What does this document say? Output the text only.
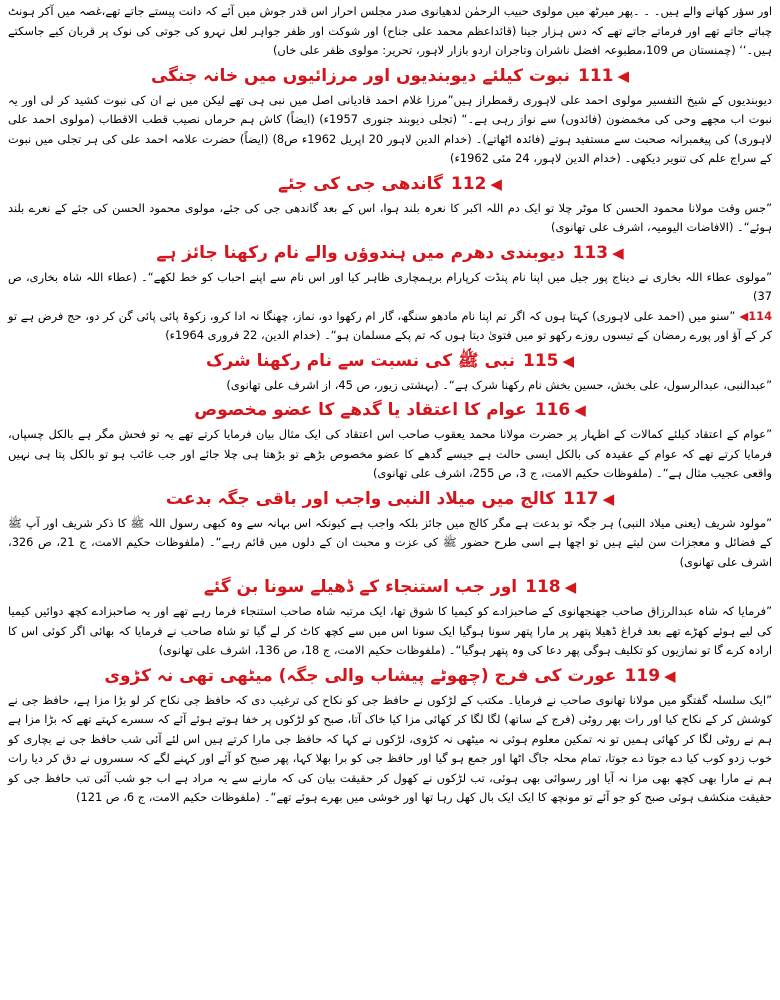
اور سؤر کھانے والے ہیں۔ ۔ ۔پھر میرٹھ میں مولوی حبیب الرحمٰن لدھیانوی صدر مجلس احرار اس قدر جوش میں آئے کہ دانت پیستے جاتے تھے،غصہ میں آکر ہونٹ چباتے جاتے تھے اور فرماتے جاتے تھے کہ دس ہزار جینا (قائداعظم محمد علی جناح) اور شوکت اور ظفر جواہر لعل نہرو کی جوتی کی نوک پر قربان کیے جاسکتے ہیں۔‘‘ (چمنستان ص 109،مطبوعہ افضل ناشران وتاجران اردو بازار لاہور، تحریر: مولوی ظفر علی خاں)

◀111نبوت کیلئے دیوبندیوں اور مرزائیوں میں خانہ جنگی

دیوبندیوں کے شیخ التفسیر مولوی احمد علی لاہوری رقمطراز ہیں”مرزا غلام احمد قادیانی اصل میں نبی ہی تھے لیکن میں نے ان کی نبوت کشید کر لی اور یہ نبوت اب مجھے وحی کی مخمضون (فائدوں) سے نواز رہی ہے۔“ (تجلی دیوبند جنوری 1957ء) (ایضاً) کاش ہم حرماں نصیب قطب الاقطاب (مولوی احمد علی لاہوری) کی پیغمبرانہ صحبت سے مستفید ہوتے (فائدہ اٹھاتے)۔ (خدام الدین لاہور 20 اپریل 1962ء ص8) (ایضاً) حضرت علامہ احمد علی کی ہر تجلی میں نبوت کے سراج علم کی تنویر دیکھی۔ (خدام الدین لاہور، 24 مئی 1962ء)

◀112گاندھی جی کی جئے

”جس وقت مولانا محمود الحسن کا موٹر چلا تو ایک دم اللہ اکبر کا نعرہ بلند ہوا، اس کے بعد گاندھی جی کی جئے، مولوی محمود الحسن کی جئے کے نعرے بلند ہوئے“۔ (الافاضات الیومیہ، اشرف علی تھانوی)

◀113دیوبندی دھرم میں ہندوؤں والے نام رکھنا جائز ہے

”مولوی عطاء اللہ بخاری نے دیناج پور جیل میں اپنا نام پنڈت کرپارام برہمچاری ظاہر کیا اور اس نام سے اپنے احباب کو خط لکھے“۔ (عطاء اللہ شاہ بخاری، ص 37)

114◀ ”سنو میں (احمد علی لاہوری) کہتا ہوں کہ اگر تم اپنا نام مادھو سنگھ، گار ام رکھوا دو، نماز، چھنگا نہ ادا کرو، زکوۃ پائی پائی گن کر دو، حج فرض ہے تو کر کے آؤ اور پورے رمضان کے تیسوں روزے رکھو تو میں فتویٰ دیتا ہوں کہ تم پکے مسلمان ہو“۔ (خدام الدین، 22 فروری 1964ء)

◀115نبی ﷺ کی نسبت سے نام رکھنا شرک

”عبدالنبی، عبدالرسول، علی بخش، حسین بخش نام رکھنا شرک ہے“۔ (بہشتی زیور، ص 45، از اشرف علی تھانوی)

◀116عوام کا اعتقاد یا گدھے کا عضو مخصوص

”عوام کے اعتقاد کیلئے کمالات کے اظہار پر حضرت مولانا محمد یعقوب صاحب اس اعتقاد کی ایک مثال بیان فرمایا کرتے تھے یہ تو فحش مگر ہے بالکل چسپاں، فرمایا کرتے تھے کہ عوام کے عقیدہ کی بالکل ایسی حالت ہے جیسے گدھے کا عضو مخصوص بڑھے تو بڑھتا ہی چلا جائے اور جب غائب ہو تو بالکل پتا ہی نہیں واقعی عجیب مثال ہے“۔ (ملفوظات حکیم الامت، ج 3، ص 255، اشرف علی تھانوی)

◀117کالج میں میلاد النبی واجب اور باقی جگہ بدعت

”مولود شریف (یعنی میلاد النبی) ہر جگہ تو بدعت ہے مگر کالج میں جائز بلکہ واجب ہے کیونکہ اس بہانہ سے وہ کبھی رسول اللہ ﷺ کا ذکر شریف اور آپ ﷺ کے فضائل و معجزات سن لیتے ہیں تو اچھا ہے اسی طرح حضور ﷺ کی عزت و محبت ان کے دلوں میں قائم رہے“۔ (ملفوظات حکیم الامت، ج 21، ص 326، اشرف علی تھانوی)

◀118اور جب استنجاء کے ڈھیلے سونا بن گئے

”فرمایا کہ شاہ عبدالرزاق صاحب جھنجھانوی کے صاحبزادے کو کیمیا کا شوق تھا، ایک مرتبہ شاہ صاحب استنجاء فرما رہے تھے اور یہ صاحبزادے کچھ دوائیں کیمیا کی لیے ہوئے کھڑے تھے بعد فراغ ڈھیلا پتھر پر مارا پتھر سونا ہوگیا ایک سونا اس میں سے کچھ کاٹ کر لے گیا تو شاہ صاحب نے فرمایا کہ بھائی اگر کوئی اس کا ارادہ کرے گا تو نمازیوں کو تکلیف ہوگی پھر دعا کی وہ پتھر ہوگیا“۔ (ملفوظات حکیم الامت، ج 18، ص 136، اشرف علی تھانوی)

◀119عورت کی فرج (چھوٹے پیشاب والی جگہ) میٹھی تھی نہ کڑوی

”ایک سلسلہ گفتگو میں مولانا تھانوی صاحب نے فرمایا۔ مکتب کے لڑکوں نے حافظ جی کو نکاح کی ترغیب دی کہ حافظ جی نکاح کر لو بڑا مزا ہے، حافظ جی نے کوشش کر کے نکاح کیا اور رات بھر روٹی (فرج کے ساتھ) لگا لگا کر کھائی مزا کیا خاک آتا، صبح کو لڑکوں پر خفا ہوتے ہوئے آئے کہ سسرے کہتے تھے کہ بڑا مزا ہے ہم نے روٹی لگا کر کھائی ہمیں تو نہ تمکین معلوم ہوئی نہ میٹھی نہ کڑوی، لڑکوں نے کہا کہ حافظ جی مارا کرتے ہیں اس لئے آئی شب حافظ جی نے بچاری کو خوب زدو کوب کیا دے جوتا دے جوتا، تمام محلہ جاگ اٹھا اور جمع ہو گیا اور حافظ جی کو برا بھلا کہا، پھر صبح کو آئے اور کہنے لگے کہ سسروں نے دق کر دیا رات ہم نے مارا بھی کچھ بھی مزا نہ آیا اور رسوائی بھی ہوئی، تب لڑکوں نے کھول کر حقیقت بیان کی کہ مارنے سے یہ مراد ہے اب جو شب آئی تب حافظ جی کو حقیقت منکشف ہوئی صبح کو جو آئے تو مونچھ کا ایک ایک بال کھل رہا تھا اور خوشی میں بھرے ہوئے تھے“۔ (ملفوظات حکیم الامت، ج 6، ص 121)
